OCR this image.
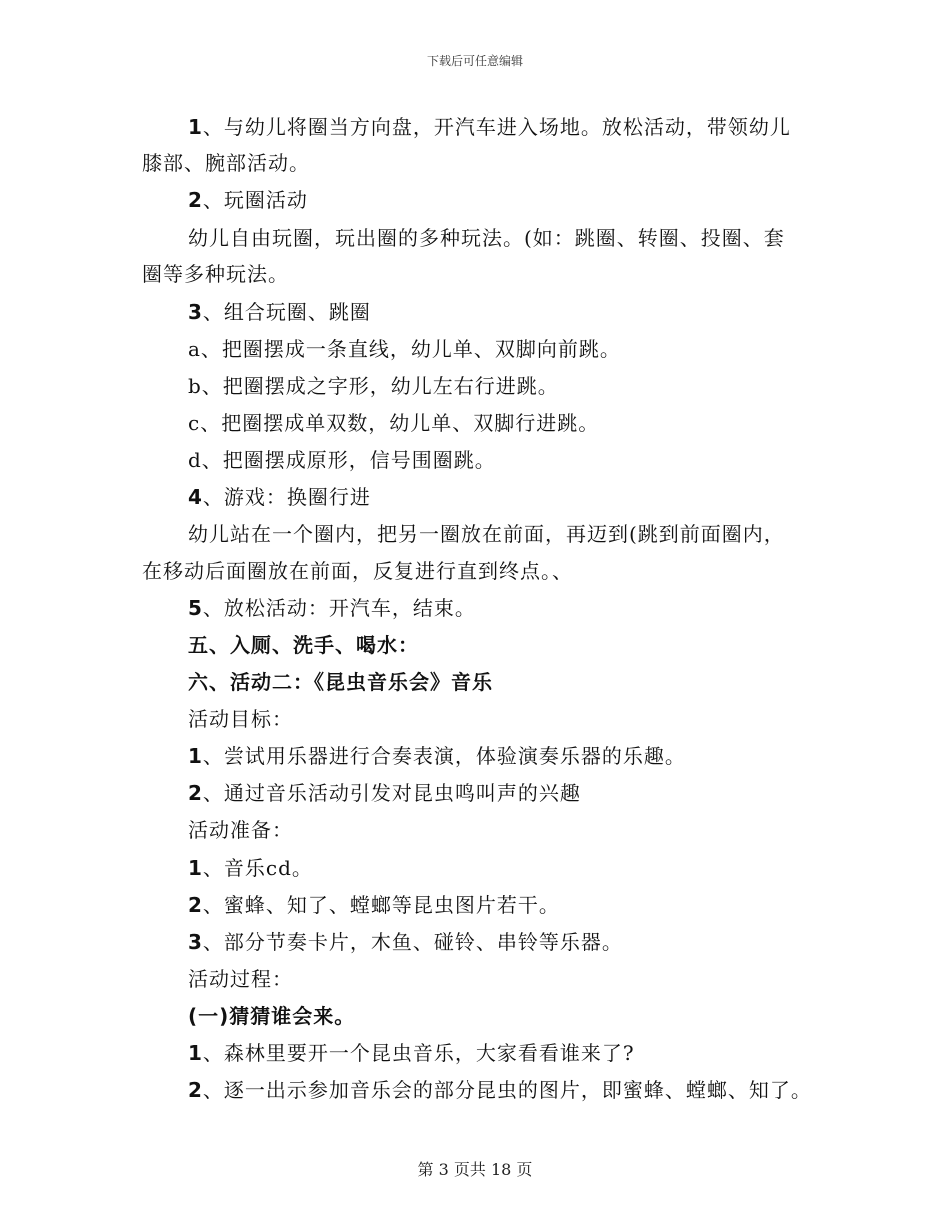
下载后可任意编辑
1、与幼儿将圈当方向盘，开汽车进入场地。放松活动，带领幼儿
膝部、腕部活动。
2、玩圈活动
幼儿自由玩圈，玩出圈的多种玩法。(如：跳圈、转圈、投圈、套
圈等多种玩法。
3、组合玩圈、跳圈
a、把圈摆成一条直线，幼儿单、双脚向前跳。
b、把圈摆成之字形，幼儿左右行进跳。
c、把圈摆成单双数，幼儿单、双脚行进跳。
d、把圈摆成原形，信号围圈跳。
4、游戏：换圈行进
幼儿站在一个圈内，把另一圈放在前面，再迈到(跳到前面圈内，
在移动后面圈放在前面，反复进行直到终点。、
5、放松活动：开汽车，结束。
五、入厕、洗手、喝水：
六、活动二：《昆虫音乐会》音乐
活动目标：
1、尝试用乐器进行合奏表演，体验演奏乐器的乐趣。
2、通过音乐活动引发对昆虫鸣叫声的兴趣
活动准备：
1、音乐cd。
2、蜜蜂、知了、螳螂等昆虫图片若干。
3、部分节奏卡片，木鱼、碰铃、串铃等乐器。
活动过程：
(一)猜猜谁会来。
1、森林里要开一个昆虫音乐，大家看看谁来了?
2、逐一出示参加音乐会的部分昆虫的图片，即蜜蜂、螳螂、知了。
第 3 页共 18 页
